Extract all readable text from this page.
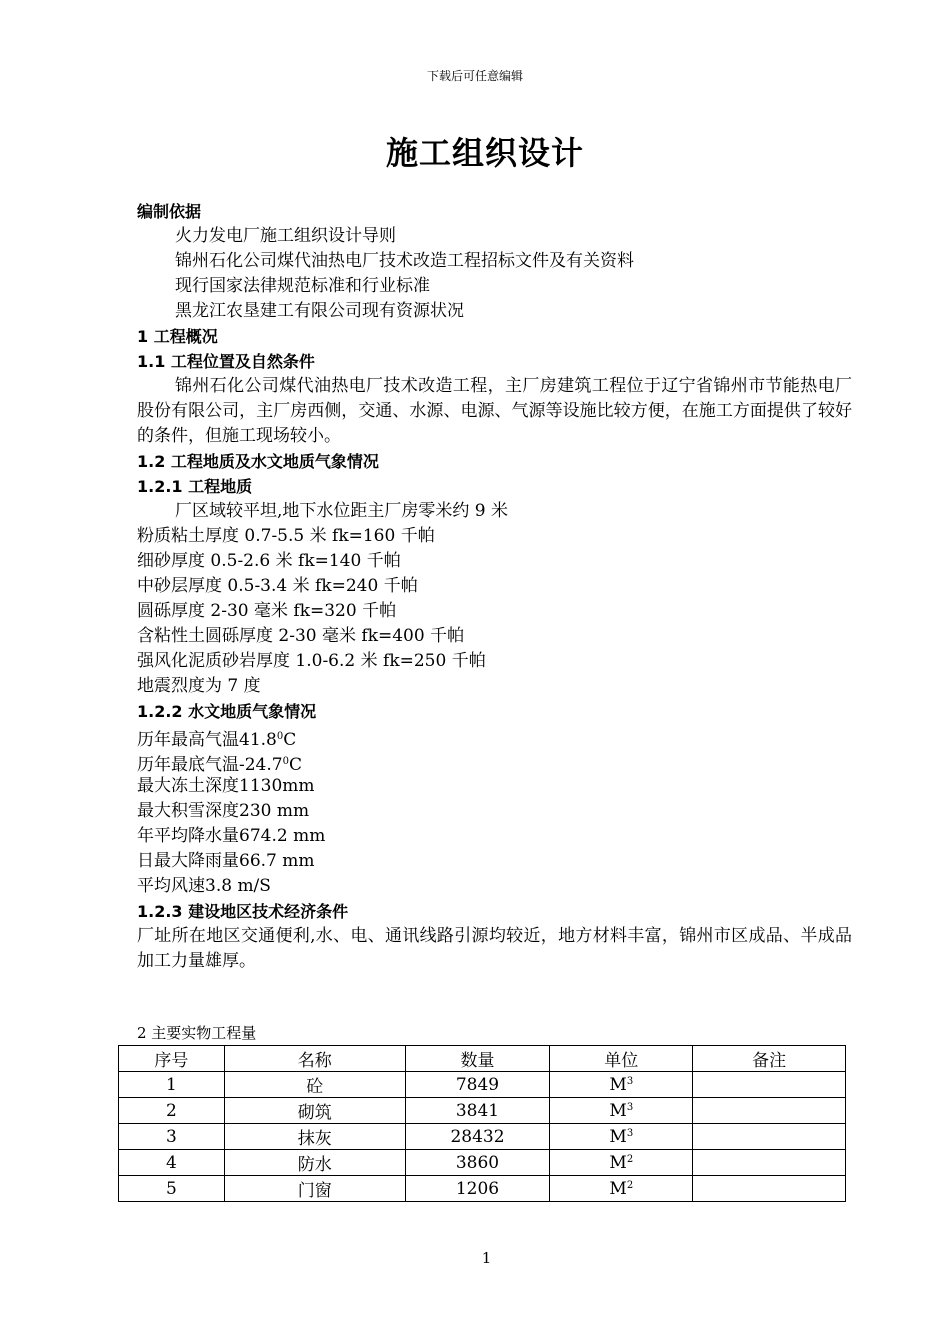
下载后可任意编辑
施工组织设计
编制依据
火力发电厂施工组织设计导则
锦州石化公司煤代油热电厂技术改造工程招标文件及有关资料
现行国家法律规范标准和行业标准
黑龙江农垦建工有限公司现有资源状况
1 工程概况
1.1 工程位置及自然条件
锦州石化公司煤代油热电厂技术改造工程，主厂房建筑工程位于辽宁省锦州市节能热电厂股份有限公司，主厂房西侧，交通、水源、电源、气源等设施比较方便，在施工方面提供了较好的条件，但施工现场较小。
1.2 工程地质及水文地质气象情况
1.2.1 工程地质
厂区域较平坦,地下水位距主厂房零米约 9 米
粉质粘土厚度 0.7-5.5 米 fk=160 千帕
细砂厚度 0.5-2.6 米 fk=140 千帕
中砂层厚度 0.5-3.4 米 fk=240 千帕
圆砾厚度 2-30 毫米 fk=320 千帕
含粘性土圆砾厚度 2-30 毫米 fk=400 千帕
强风化泥质砂岩厚度 1.0-6.2 米 fk=250 千帕
地震烈度为 7 度
1.2.2 水文地质气象情况
历年最高气温41.8$^0$C
历年最底气温-24.7$^0$C
最大冻土深度1130mm
最大积雪深度230 mm
年平均降水量674.2 mm
日最大降雨量66.7 mm
平均风速3.8 m/S
1.2.3 建设地区技术经济条件
厂址所在地区交通便利,水、电、通讯线路引源均较近，地方材料丰富，锦州市区成品、半成品加工力量雄厚。
2 主要实物工程量
序号	名称	数量	单位	备注
1	砼	7849	$M^3$	
2	砌筑	3841	$M^3$	
3	抹灰	28432	$M^3$	
4	防水	3860	$M^2$	
5	门窗	1206	$M^2$	
1
